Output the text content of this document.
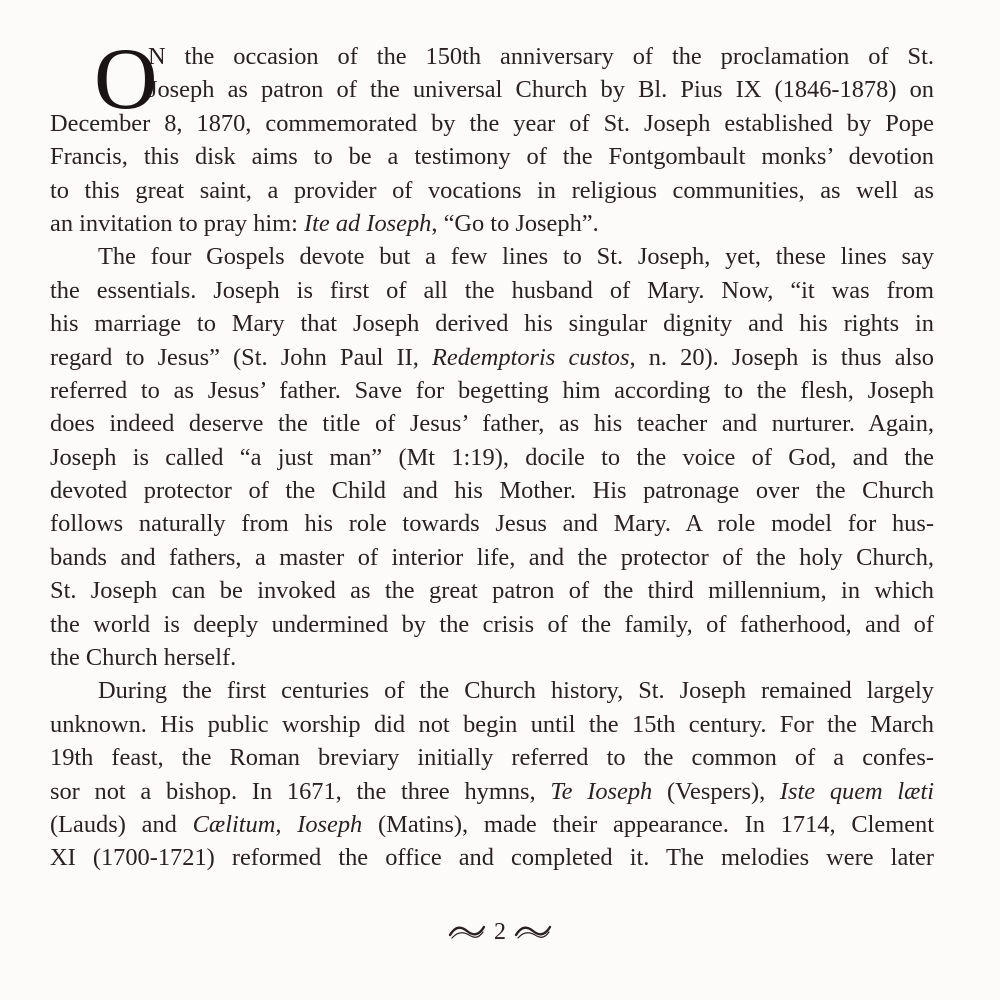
O
N the occasion of the 150th anniversary of the proclamation of St.
Joseph as patron of the universal Church by Bl. Pius IX (1846-1878) on
December 8, 1870, commemorated by the year of St. Joseph established by Pope
Francis, this disk aims to be a testimony of the Fontgombault monks’ devotion
to this great saint, a provider of vocations in religious communities, as well as
an invitation to pray him: Ite ad Ioseph, “Go to Joseph”.
The four Gospels devote but a few lines to St. Joseph, yet, these lines say
the essentials. Joseph is first of all the husband of Mary. Now, “it was from
his marriage to Mary that Joseph derived his singular dignity and his rights in
regard to Jesus” (St. John Paul II, Redemptoris custos, n. 20). Joseph is thus also
referred to as Jesus’ father. Save for begetting him according to the flesh, Joseph
does indeed deserve the title of Jesus’ father, as his teacher and nurturer. Again,
Joseph is called “a just man” (Mt 1:19), docile to the voice of God, and the
devoted protector of the Child and his Mother. His patronage over the Church
follows naturally from his role towards Jesus and Mary. A role model for hus-
bands and fathers, a master of interior life, and the protector of the holy Church,
St. Joseph can be invoked as the great patron of the third millennium, in which
the world is deeply undermined by the crisis of the family, of fatherhood, and of
the Church herself.
During the first centuries of the Church history, St. Joseph remained largely
unknown. His public worship did not begin until the 15th century. For the March
19th feast, the Roman breviary initially referred to the common of a confes-
sor not a bishop. In 1671, the three hymns, Te Ioseph (Vespers), Iste quem læti
(Lauds) and Cælitum, Ioseph (Matins), made their appearance. In 1714, Clement
XI (1700-1721) reformed the office and completed it. The melodies were later
2
